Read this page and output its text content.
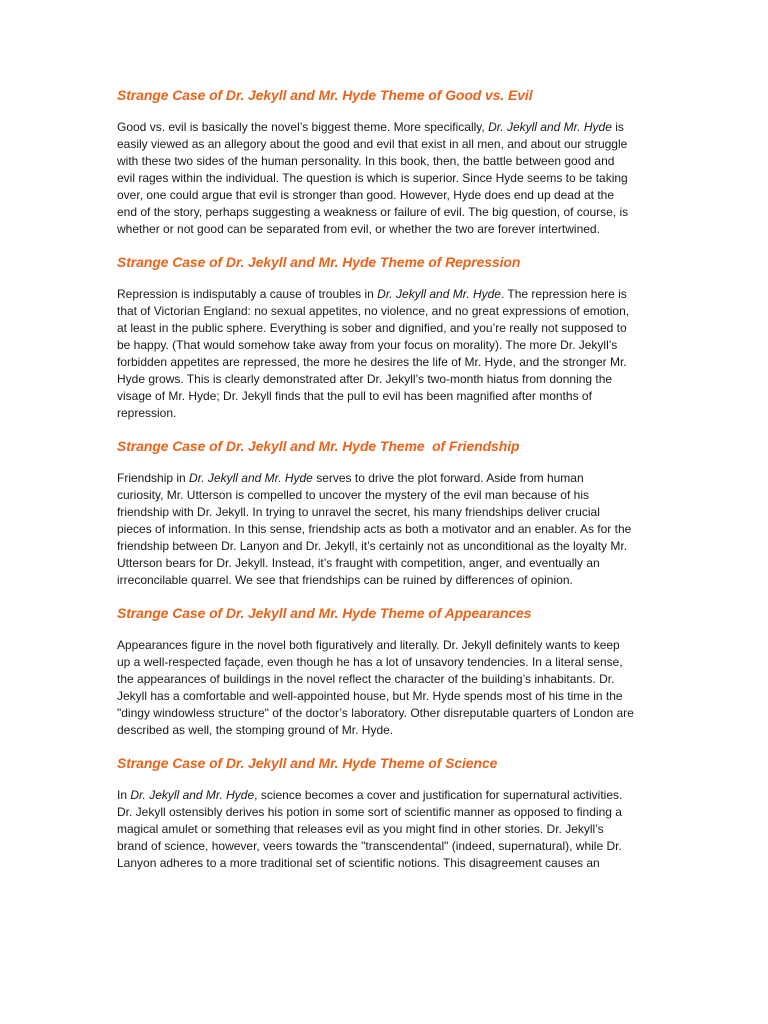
Strange Case of Dr. Jekyll and Mr. Hyde Theme of Good vs. Evil
Good vs. evil is basically the novel’s biggest theme. More specifically, Dr. Jekyll and Mr. Hyde is
easily viewed as an allegory about the good and evil that exist in all men, and about our struggle
with these two sides of the human personality. In this book, then, the battle between good and
evil rages within the individual. The question is which is superior. Since Hyde seems to be taking
over, one could argue that evil is stronger than good. However, Hyde does end up dead at the
end of the story, perhaps suggesting a weakness or failure of evil. The big question, of course, is
whether or not good can be separated from evil, or whether the two are forever intertwined.
Strange Case of Dr. Jekyll and Mr. Hyde Theme of Repression
Repression is indisputably a cause of troubles in Dr. Jekyll and Mr. Hyde. The repression here is
that of Victorian England: no sexual appetites, no violence, and no great expressions of emotion,
at least in the public sphere. Everything is sober and dignified, and you’re really not supposed to
be happy. (That would somehow take away from your focus on morality). The more Dr. Jekyll’s
forbidden appetites are repressed, the more he desires the life of Mr. Hyde, and the stronger Mr.
Hyde grows. This is clearly demonstrated after Dr. Jekyll’s two-month hiatus from donning the
visage of Mr. Hyde; Dr. Jekyll finds that the pull to evil has been magnified after months of
repression.
Strange Case of Dr. Jekyll and Mr. Hyde Theme  of Friendship
Friendship in Dr. Jekyll and Mr. Hyde serves to drive the plot forward. Aside from human
curiosity, Mr. Utterson is compelled to uncover the mystery of the evil man because of his
friendship with Dr. Jekyll. In trying to unravel the secret, his many friendships deliver crucial
pieces of information. In this sense, friendship acts as both a motivator and an enabler. As for the
friendship between Dr. Lanyon and Dr. Jekyll, it’s certainly not as unconditional as the loyalty Mr.
Utterson bears for Dr. Jekyll. Instead, it’s fraught with competition, anger, and eventually an
irreconcilable quarrel. We see that friendships can be ruined by differences of opinion.
Strange Case of Dr. Jekyll and Mr. Hyde Theme of Appearances
Appearances figure in the novel both figuratively and literally. Dr. Jekyll definitely wants to keep
up a well-respected façade, even though he has a lot of unsavory tendencies. In a literal sense,
the appearances of buildings in the novel reflect the character of the building’s inhabitants. Dr.
Jekyll has a comfortable and well-appointed house, but Mr. Hyde spends most of his time in the
"dingy windowless structure" of the doctor’s laboratory. Other disreputable quarters of London are
described as well, the stomping ground of Mr. Hyde.
Strange Case of Dr. Jekyll and Mr. Hyde Theme of Science
In Dr. Jekyll and Mr. Hyde, science becomes a cover and justification for supernatural activities.
Dr. Jekyll ostensibly derives his potion in some sort of scientific manner as opposed to finding a
magical amulet or something that releases evil as you might find in other stories. Dr. Jekyll’s
brand of science, however, veers towards the "transcendental" (indeed, supernatural), while Dr.
Lanyon adheres to a more traditional set of scientific notions. This disagreement causes an
